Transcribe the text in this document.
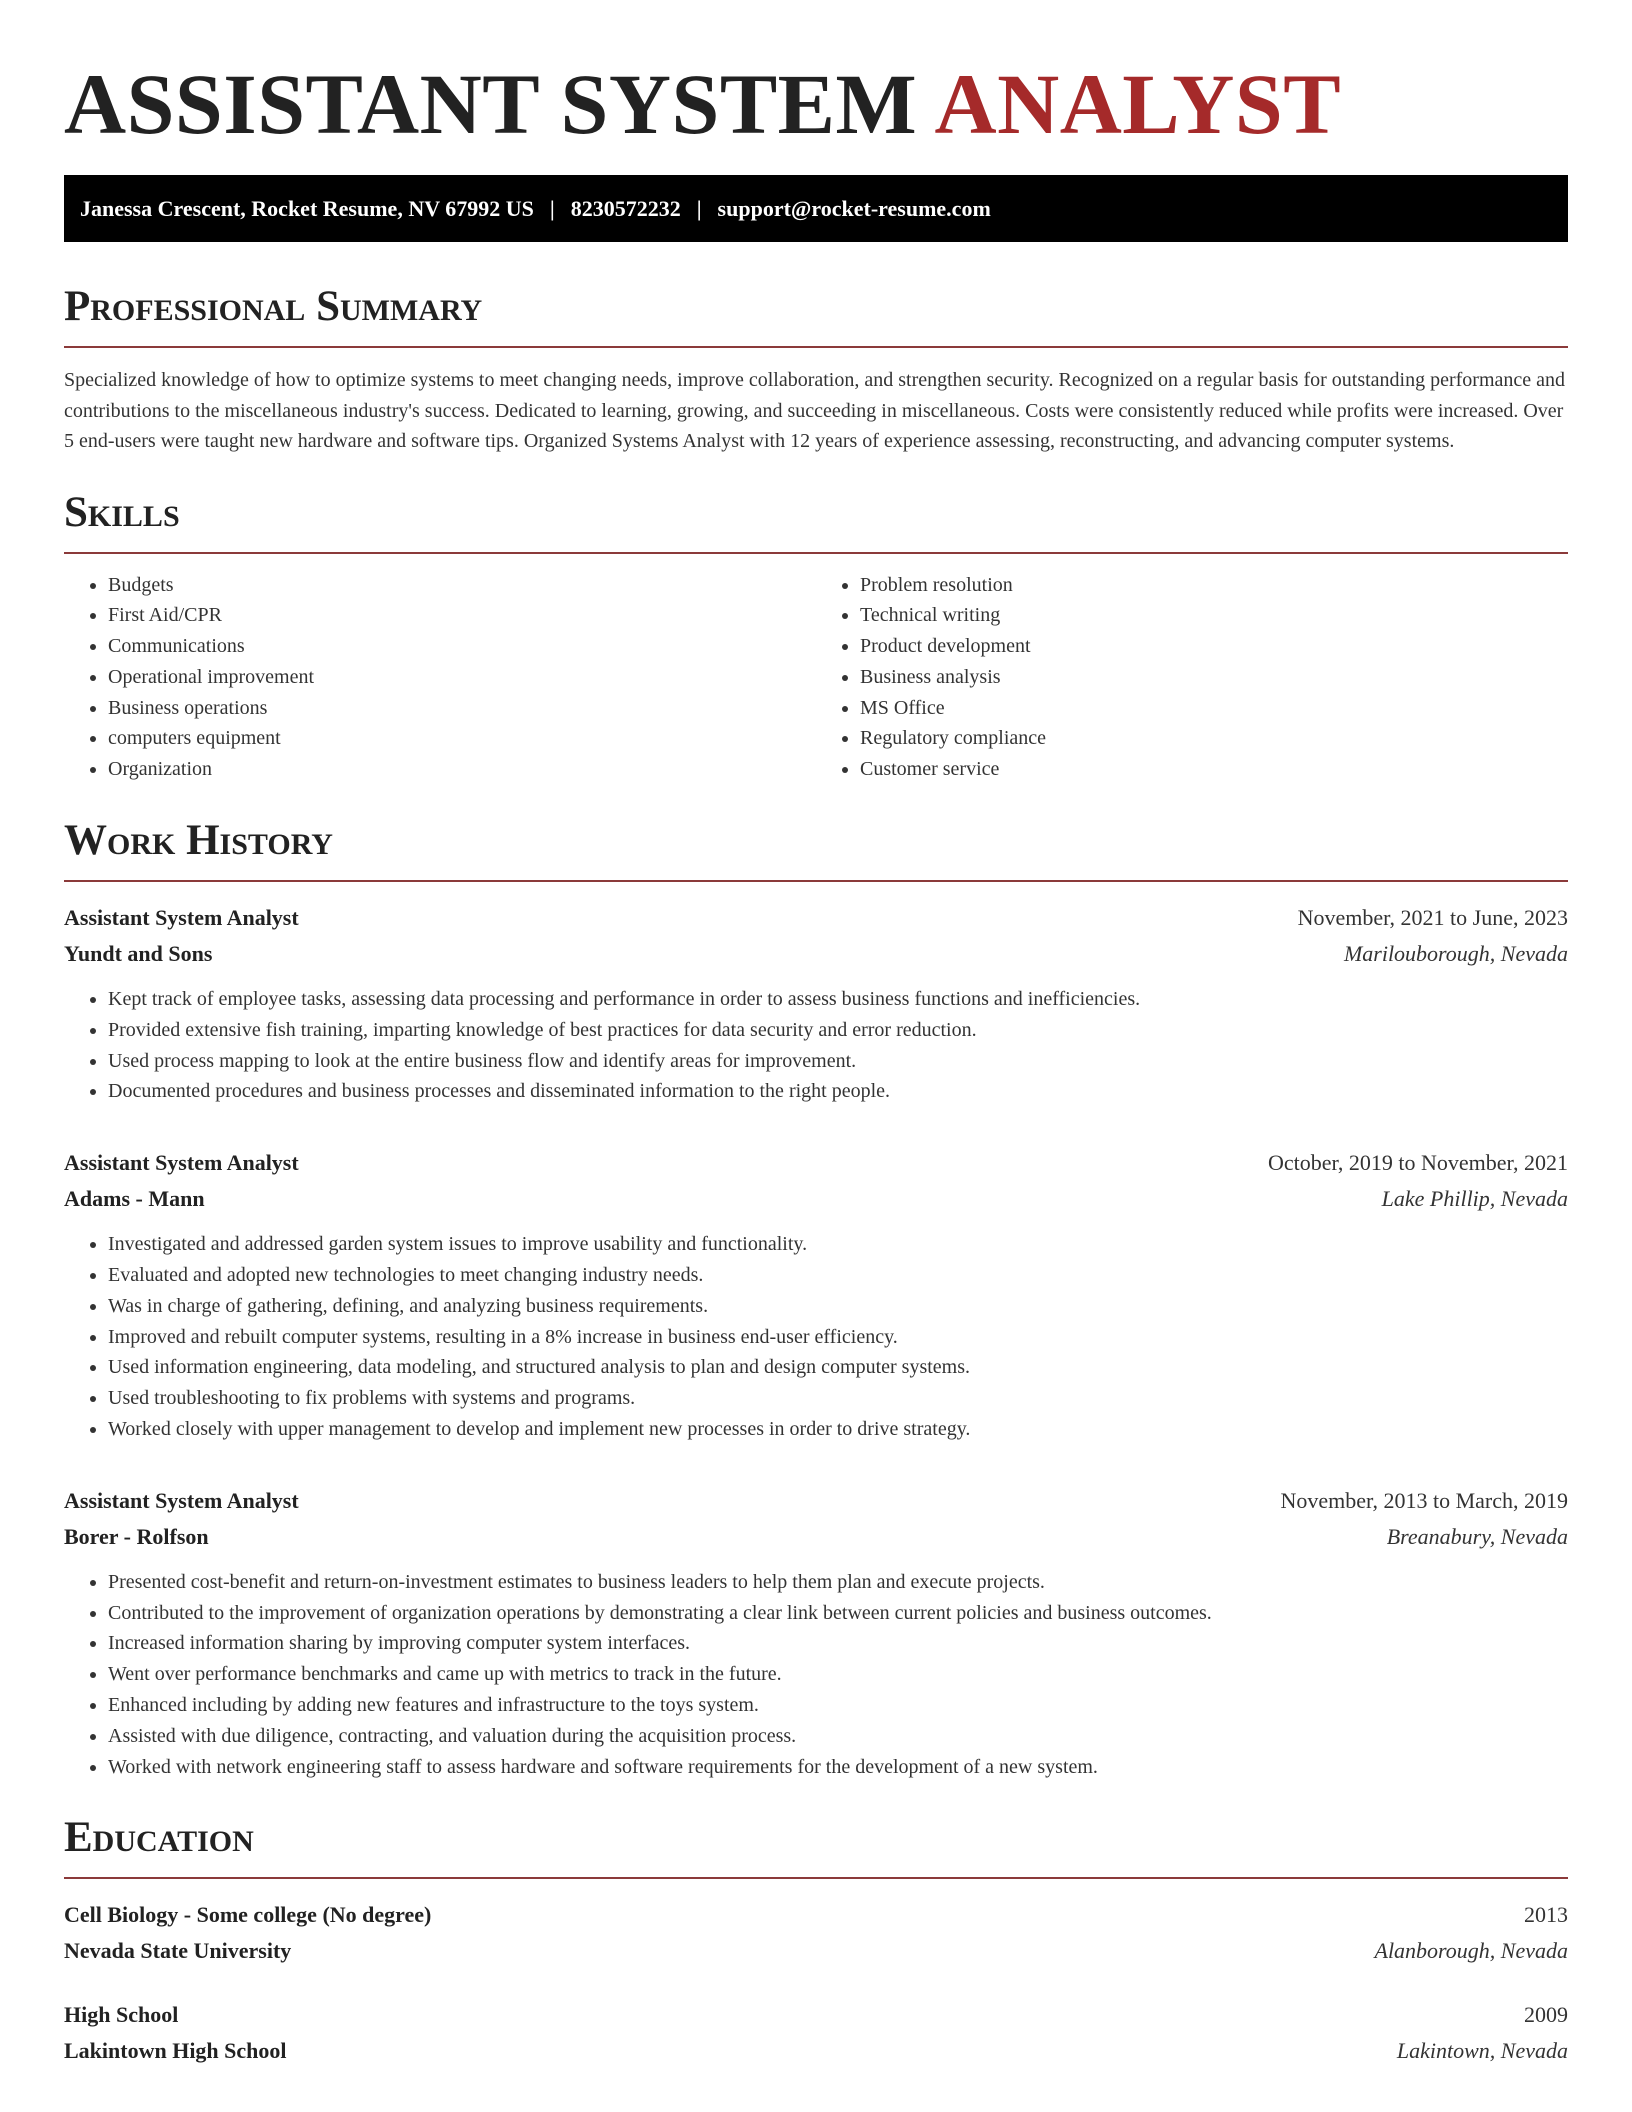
ASSISTANT SYSTEM ANALYST
Janessa Crescent, Rocket Resume, NV 67992 US | 8230572232 | support@rocket-resume.com
Professional Summary

Specialized knowledge of how to optimize systems to meet changing needs, improve collaboration, and strengthen security. Recognized on a regular basis for outstanding performance and contributions to the miscellaneous industry's success. Dedicated to learning, growing, and succeeding in miscellaneous. Costs were consistently reduced while profits were increased. Over 5 end-users were taught new hardware and software tips. Organized Systems Analyst with 12 years of experience assessing, reconstructing, and advancing computer systems.

Skills
• Budgets
• First Aid/CPR
• Communications
• Operational improvement
• Business operations
• computers equipment
• Organization
• Problem resolution
• Technical writing
• Product development
• Business analysis
• MS Office
• Regulatory compliance
• Customer service
Work History
Assistant System Analyst	November, 2021 to June, 2023
Yundt and Sons	Marilouborough, Nevada
• Kept track of employee tasks, assessing data processing and performance in order to assess business functions and inefficiencies.
• Provided extensive fish training, imparting knowledge of best practices for data security and error reduction.
• Used process mapping to look at the entire business flow and identify areas for improvement.
• Documented procedures and business processes and disseminated information to the right people.
Assistant System Analyst	October, 2019 to November, 2021
Adams - Mann	Lake Phillip, Nevada
• Investigated and addressed garden system issues to improve usability and functionality.
• Evaluated and adopted new technologies to meet changing industry needs.
• Was in charge of gathering, defining, and analyzing business requirements.
• Improved and rebuilt computer systems, resulting in a 8% increase in business end-user efficiency.
• Used information engineering, data modeling, and structured analysis to plan and design computer systems.
• Used troubleshooting to fix problems with systems and programs.
• Worked closely with upper management to develop and implement new processes in order to drive strategy.
Assistant System Analyst	November, 2013 to March, 2019
Borer - Rolfson	Breanabury, Nevada
• Presented cost-benefit and return-on-investment estimates to business leaders to help them plan and execute projects.
• Contributed to the improvement of organization operations by demonstrating a clear link between current policies and business outcomes.
• Increased information sharing by improving computer system interfaces.
• Went over performance benchmarks and came up with metrics to track in the future.
• Enhanced including by adding new features and infrastructure to the toys system.
• Assisted with due diligence, contracting, and valuation during the acquisition process.
• Worked with network engineering staff to assess hardware and software requirements for the development of a new system.
Education
Cell Biology - Some college (No degree)	2013
Nevada State University	Alanborough, Nevada
High School	2009
Lakintown High School	Lakintown, Nevada
